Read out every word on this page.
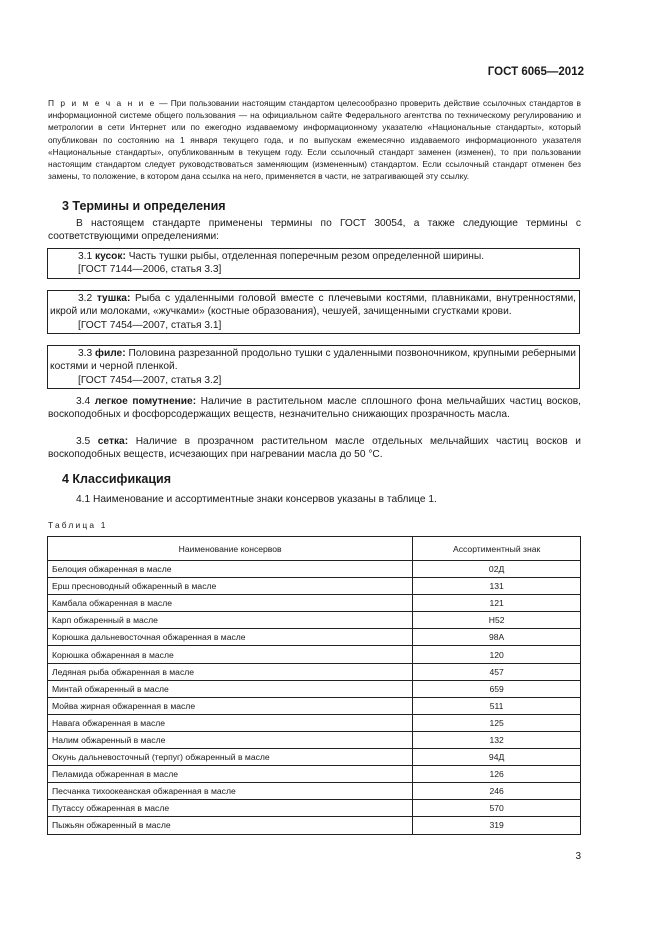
ГОСТ 6065—2012
П р и м е ч а н и е — При пользовании настоящим стандартом целесообразно проверить действие ссылочных стандартов в информационной системе общего пользования — на официальном сайте Федерального агентства по техническому регулированию и метрологии в сети Интернет или по ежегодно издаваемому информационному указателю «Национальные стандарты», который опубликован по состоянию на 1 января текущего года, и по выпускам ежемесячно издаваемого информационного указателя «Национальные стандарты», опубликованным в текущем году. Если ссылочный стандарт заменен (изменен), то при пользовании настоящим стандартом следует руководствоваться заменяющим (измененным) стандартом. Если ссылочный стандарт отменен без замены, то положение, в котором дана ссылка на него, применяется в части, не затрагивающей эту ссылку.
3 Термины и определения
В настоящем стандарте применены термины по ГОСТ 30054, а также следующие термины с соответствующими определениями:
3.1 кусок: Часть тушки рыбы, отделенная поперечным резом определенной ширины.
[ГОСТ 7144—2006, статья 3.3]
3.2 тушка: Рыба с удаленными головой вместе с плечевыми костями, плавниками, внутренностями, икрой или молоками, «жучками» (костные образования), чешуей, зачищенными сгустками крови.
[ГОСТ 7454—2007, статья 3.1]
3.3 филе: Половина разрезанной продольно тушки с удаленными позвоночником, крупными реберными костями и черной пленкой.
[ГОСТ 7454—2007, статья 3.2]
3.4 легкое помутнение: Наличие в растительном масле сплошного фона мельчайших частиц восков, воскоподобных и фосфорсодержащих веществ, незначительно снижающих прозрачность масла.
3.5 сетка: Наличие в прозрачном растительном масле отдельных мельчайших частиц восков и воскоподобных веществ, исчезающих при нагревании масла до 50 °С.
4 Классификация
4.1 Наименование и ассортиментные знаки консервов указаны в таблице 1.
Таблица 1
Наименование консервов	Ассортиментный знак
Белоция обжаренная в масле	02Д
Ерш пресноводный обжаренный в масле	131
Камбала обжаренная в масле	121
Карп обжаренный в масле	Н52
Корюшка дальневосточная обжаренная в масле	98А
Корюшка обжаренная в масле	120
Ледяная рыба обжаренная в масле	457
Минтай обжаренный в масле	659
Мойва жирная обжаренная в масле	511
Навага обжаренная в масле	125
Налим обжаренный в масле	132
Окунь дальневосточный (терпуг) обжаренный в масле	94Д
Пеламида обжаренная в масле	126
Песчанка тихоокеанская обжаренная в масле	246
Путассу обжаренная в масле	570
Пыжьян обжаренный в масле	319
3
